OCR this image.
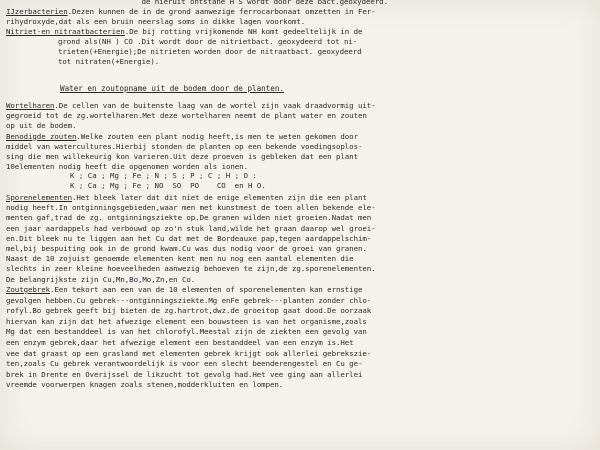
de hieruit ontstane H S wordt door deze bact.geoxydeerd.
IJzerbacterien.Dezen kunnen de in de grond aanwezige ferrocarbonaat omzetten in Fer-
rihydroxyde,dat als een bruin neerslag soms in dikke lagen voorkomt.
Nitriet-en nitraatbacterien.De bij rotting vrijkomende NH komt gedeeltelijk in de
grond als(NH ) CO .Dit wordt door de nitrietbact. geoxydeerd tot ni-
trieten(+Energie);De nitrieten worden door de nitraatbact. geoxydeerd
tot nitraten(+Energie).
Water en zoutopname uit de bodem door de planten.
Wortelharen.De cellen van de buitenste laag van de wortel zijn vaak draadvormig uit-
gegroeid tot de zg.wortelharen.Met deze wortelharen neemt de plant water en zouten
op uit de bodem.
Benodigde zouten.Welke zouten een plant nodig heeft,is men te weten gekomen door
middel van watercultures.Hierbij stonden de planten op een bekende voedingsoplos-
sing die men willekeurig kon varieren.Uit deze proeven is gebleken dat een plant
10elementen nodig heeft die opgenomen worden als ionen.
K ; Ca ; Mg ; Fe ; N ; S ; P ; C ; H ; O :
K ; Ca ; Mg ; Fe ; NO  SO  PO    CO  en H O.
Sporenelementen.Het bleek later dat dit niet de enige elementen zijn die een plant
nodig heeft.In ontginningsgebieden,waar men met kunstmest de toen allen bekende ele-
menten gaf,trad de zg. ontginningsziekte op.De granen wilden niet groeien.Nadat men
een jaar aardappels had verbouwd op zo'n stuk land,wilde het graan daarop wel groei-
en.Dit bleek nu te liggen aan het Cu dat met de Bordeauxe pap,tegen aardappelschim-
mel,bij bespuiting ook in de grond kwam.Cu was dus nodig voor de groei van granen.
Naast de 10 zojuist genoemde elementen kent men nu nog een aantal elementen die
slechts in zeer kleine hoeveelheden aanwezig behoeven te zijn,de zg.sporenelementen.
De belangrijkste zijn Cu,Mn,Bo,Mo,Zn,en Co.
Zoutgebrek.Een tekort aan een van de 10 elementen of sporenelementen kan ernstige
gevolgen hebben.Cu gebrek---ontginningsziekte.Mg enFe gebrek---planten zonder chlo-
rofyl.Bo gebrek geeft bij bieten de zg.hartrot,dwz.de groeitop gaat dood.De oorzaak
hiervan kan zijn dat het afwezige element een bouwsteen is van het organisme,zoals
Mg dat een bestanddeel is van het chlorofyl.Meestal zijn de ziekten een gevolg van
een enzym gebrek,daar het afwezige element een bestanddeel van een enzym is.Het
vee dat graast op een grasland met elementen gebrek krijgt ook allerlei gebrekszie-
ten,zoals Cu gebrek verantwoordelijk is voor een slecht beenderengestel en Cu ge-
brek in Drente en Overijssel de likzucht tot gevolg had.Het vee ging aan allerlei
vreemde voorwerpen knagen zoals stenen,modderkluiten en lompen.
